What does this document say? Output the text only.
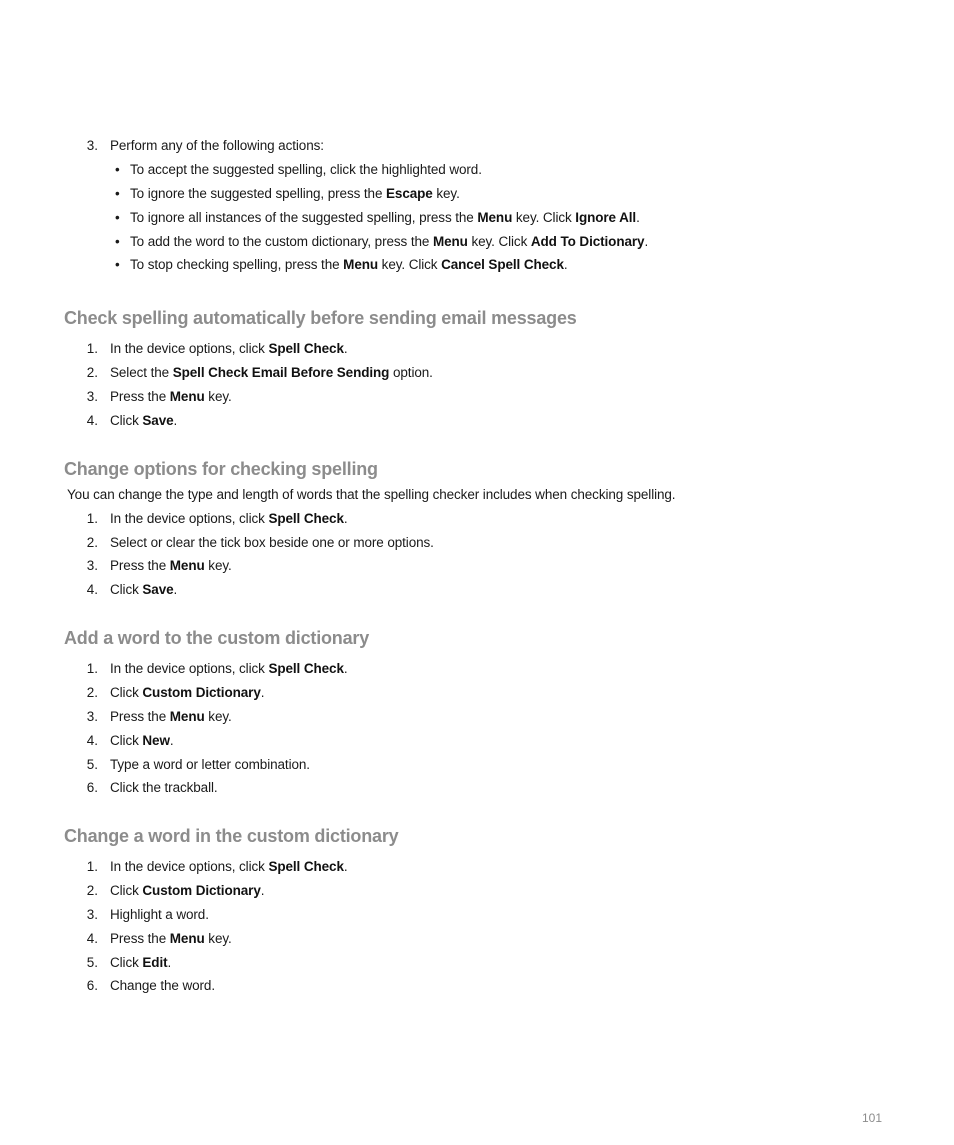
3. Perform any of the following actions:
• To accept the suggested spelling, click the highlighted word.
• To ignore the suggested spelling, press the Escape key.
• To ignore all instances of the suggested spelling, press the Menu key. Click Ignore All.
• To add the word to the custom dictionary, press the Menu key. Click Add To Dictionary.
• To stop checking spelling, press the Menu key. Click Cancel Spell Check.
Check spelling automatically before sending email messages
1. In the device options, click Spell Check.
2. Select the Spell Check Email Before Sending option.
3. Press the Menu key.
4. Click Save.
Change options for checking spelling
You can change the type and length of words that the spelling checker includes when checking spelling.
1. In the device options, click Spell Check.
2. Select or clear the tick box beside one or more options.
3. Press the Menu key.
4. Click Save.
Add a word to the custom dictionary
1. In the device options, click Spell Check.
2. Click Custom Dictionary.
3. Press the Menu key.
4. Click New.
5. Type a word or letter combination.
6. Click the trackball.
Change a word in the custom dictionary
1. In the device options, click Spell Check.
2. Click Custom Dictionary.
3. Highlight a word.
4. Press the Menu key.
5. Click Edit.
6. Change the word.
101
